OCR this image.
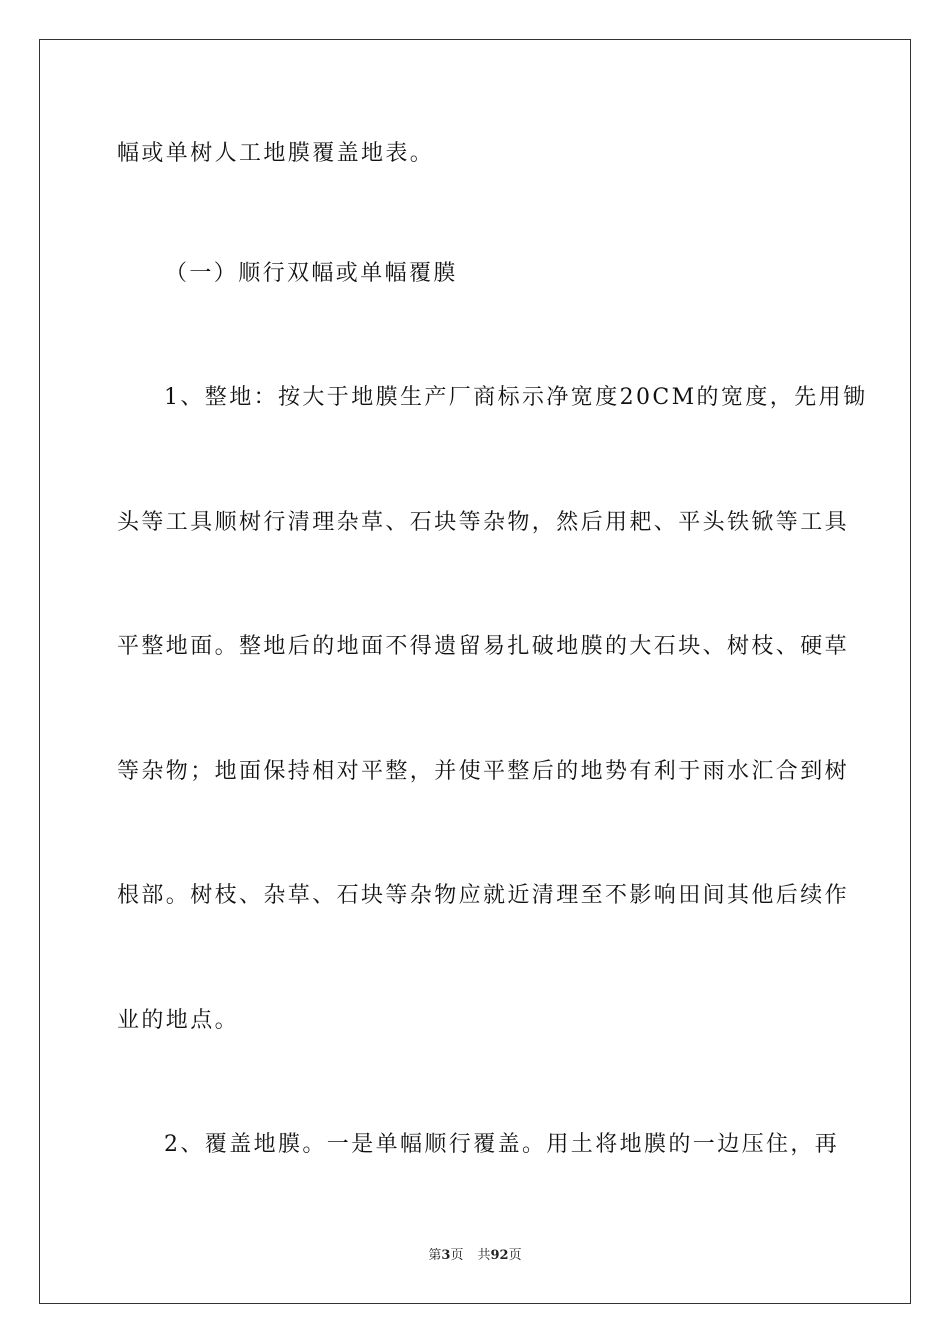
幅或单树人工地膜覆盖地表。
（一）顺行双幅或单幅覆膜
1、整地：按大于地膜生产厂商标示净宽度20CM的宽度，先用锄
头等工具顺树行清理杂草、石块等杂物，然后用耙、平头铁锨等工具
平整地面。整地后的地面不得遗留易扎破地膜的大石块、树枝、硬草
等杂物；地面保持相对平整，并使平整后的地势有利于雨水汇合到树
根部。树枝、杂草、石块等杂物应就近清理至不影响田间其他后续作
业的地点。
2、覆盖地膜。一是单幅顺行覆盖。用土将地膜的一边压住，再
第3页 共92页
